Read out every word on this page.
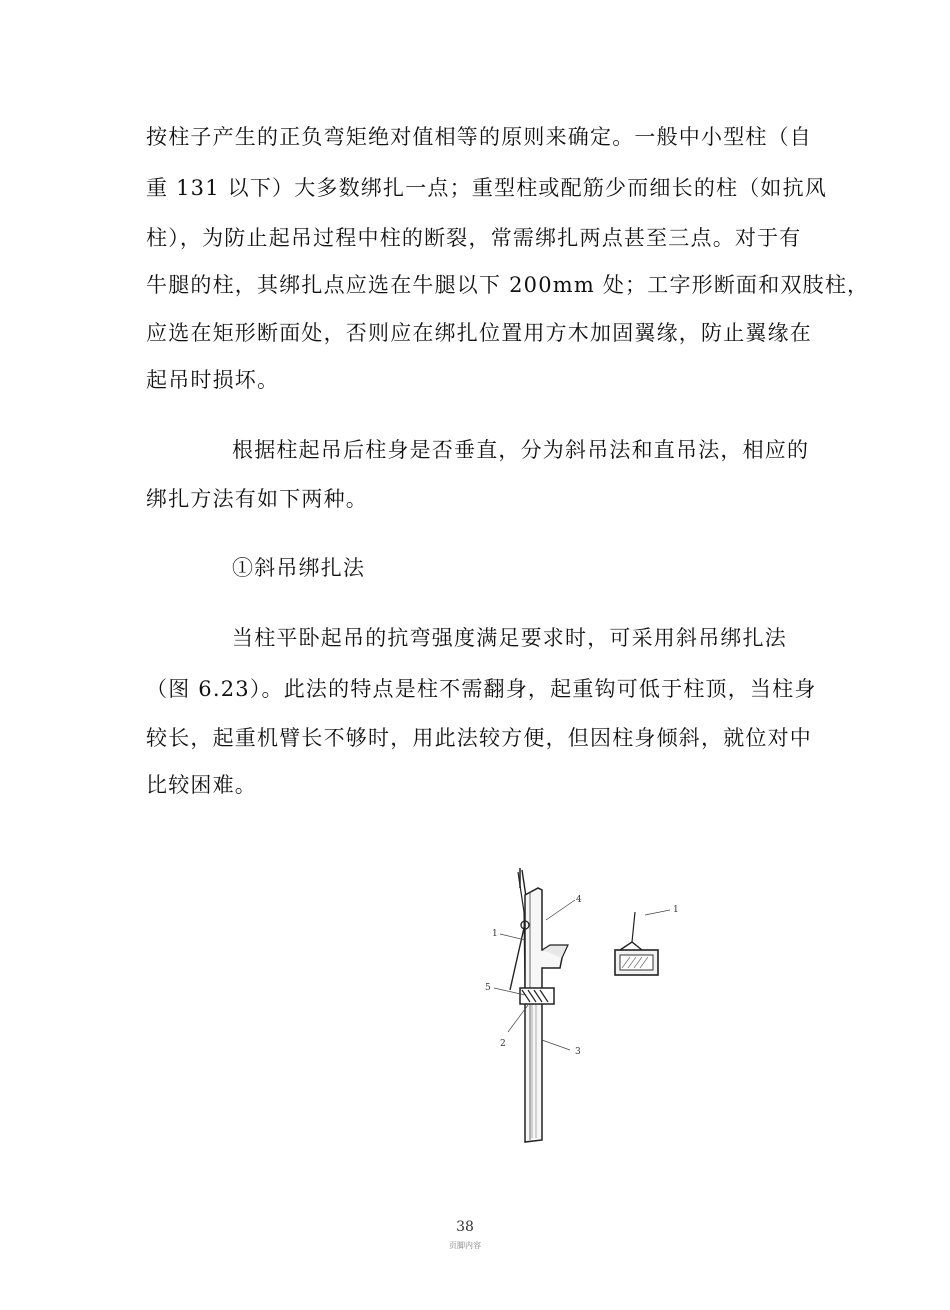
按柱子产生的正负弯矩绝对值相等的原则来确定。一般中小型柱（自
重 131 以下）大多数绑扎一点；重型柱或配筋少而细长的柱（如抗风
柱），为防止起吊过程中柱的断裂，常需绑扎两点甚至三点。对于有
牛腿的柱，其绑扎点应选在牛腿以下 200mm 处；工字形断面和双肢柱，
应选在矩形断面处，否则应在绑扎位置用方木加固翼缘，防止翼缘在
起吊时损坏。
根据柱起吊后柱身是否垂直，分为斜吊法和直吊法，相应的
绑扎方法有如下两种。
①斜吊绑扎法
当柱平卧起吊的抗弯强度满足要求时，可采用斜吊绑扎法
（图 6.23）。此法的特点是柱不需翻身，起重钩可低于柱顶，当柱身
较长，起重机臂长不够时，用此法较方便，但因柱身倾斜，就位对中
比较困难。
4
1
5
2
3
1
38
页脚内容
